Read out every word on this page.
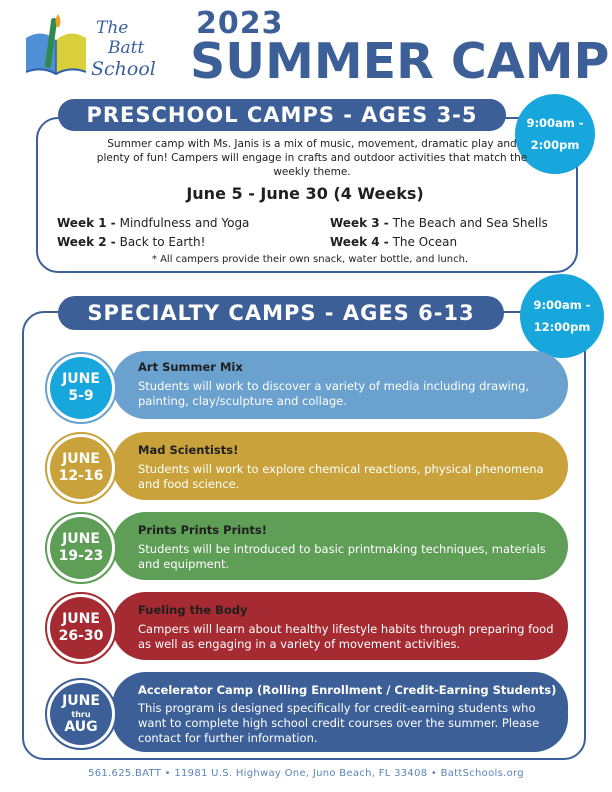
The
Batt
School
2023
SUMMER CAMP
PRESCHOOL CAMPS - AGES 3-5	9:00am -
2:00pm
Summer camp with Ms. Janis is a mix of music, movement, dramatic play and plenty of fun! Campers will engage in crafts and outdoor activities that match the weekly theme.
June 5 - June 30 (4 Weeks)
Week 1 - Mindfulness and Yoga
Week 2 - Back to Earth!
Week 3 - The Beach and Sea Shells
Week 4 - The Ocean
* All campers provide their own snack, water bottle, and lunch.
SPECIALTY CAMPS - AGES 6-13	9:00am -
12:00pm
Art Summer Mix
Students will work to discover a variety of media including drawing, painting, clay/sculpture and collage.
JUNE
5-9
Mad Scientists!
Students will work to explore chemical reactions, physical phenomena and food science.
JUNE
12-16
Prints Prints Prints!
Students will be introduced to basic printmaking techniques, materials and equipment.
JUNE
19-23
Fueling the Body
Campers will learn about healthy lifestyle habits through preparing food as well as engaging in a variety of movement activities.
JUNE
26-30
Accelerator Camp (Rolling Enrollment / Credit-Earning Students)
This program is designed specifically for credit-earning students who want to complete high school credit courses over the summer. Please contact for further information.
JUNE
thru
AUG
561.625.BATT • 11981 U.S. Highway One, Juno Beach, FL 33408 • BattSchools.org
